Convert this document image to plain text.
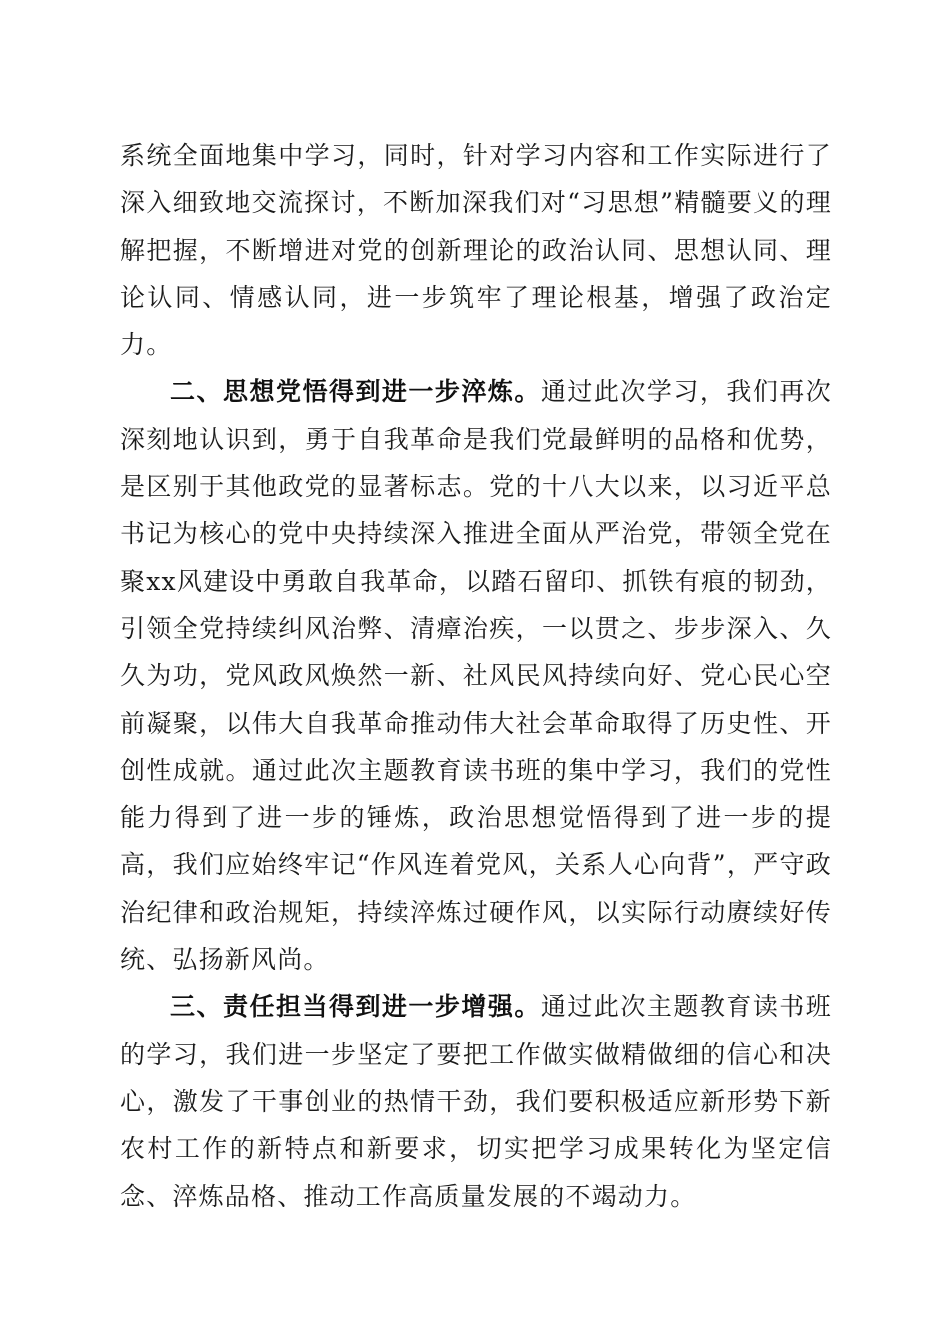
系统全面地集中学习，同时，针对学习内容和工作实际进行了深入细致地交流探讨，不断加深我们对“习思想”精髓要义的理解把握，不断增进对党的创新理论的政治认同、思想认同、理论认同、情感认同，进一步筑牢了理论根基，增强了政治定力。

二、思想党悟得到进一步淬炼。通过此次学习，我们再次深刻地认识到，勇于自我革命是我们党最鲜明的品格和优势，是区别于其他政党的显著标志。党的十八大以来，以习近平总书记为核心的党中央持续深入推进全面从严治党，带领全党在聚xx风建设中勇敢自我革命，以踏石留印、抓铁有痕的韧劲，引领全党持续纠风治弊、清瘴治疾，一以贯之、步步深入、久久为功，党风政风焕然一新、社风民风持续向好、党心民心空前凝聚，以伟大自我革命推动伟大社会革命取得了历史性、开创性成就。通过此次主题教育读书班的集中学习，我们的党性能力得到了进一步的锤炼，政治思想觉悟得到了进一步的提高，我们应始终牢记“作风连着党风，关系人心向背”，严守政治纪律和政治规矩，持续淬炼过硬作风，以实际行动赓续好传统、弘扬新风尚。

三、责任担当得到进一步增强。通过此次主题教育读书班的学习，我们进一步坚定了要把工作做实做精做细的信心和决心，激发了干事创业的热情干劲，我们要积极适应新形势下新农村工作的新特点和新要求，切实把学习成果转化为坚定信念、淬炼品格、推动工作高质量发展的不竭动力。
